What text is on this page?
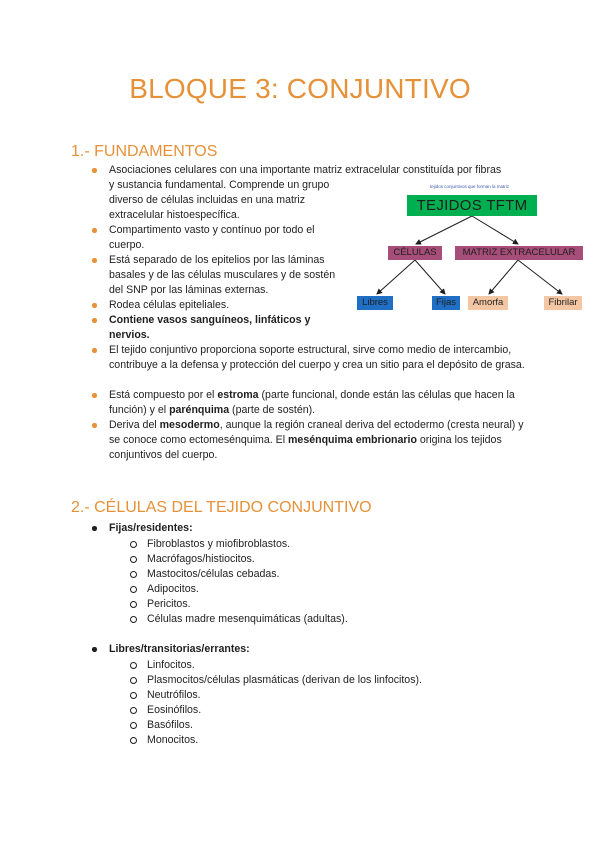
BLOQUE 3: CONJUNTIVO
1.- FUNDAMENTOS
Asociaciones celulares con una importante matriz extracelular constituída por fibras
y sustancia fundamental. Comprende un grupo diverso de células incluidas en una matriz extracelular histoespecífica.
Compartimento vasto y contínuo por todo el cuerpo.
Está separado de los epitelios por las láminas basales y de las células musculares y de sostén del SNP por las láminas externas.
Rodea células epiteliales.
Contiene vasos sanguíneos, linfáticos y nervios.
El tejido conjuntivo proporciona soporte estructural, sirve como medio de intercambio, contribuye a la defensa y protección del cuerpo y crea un sitio para el depósito de grasa.
Está compuesto por el estroma (parte funcional, donde están las células que hacen la función) y el parénquima (parte de sostén).
Deriva del mesodermo, aunque la región craneal deriva del ectodermo (cresta neural) y se conoce como ectomesénquima. El mesénquima embrionario origina los tejidos conjuntivos del cuerpo.
tejidos conjuntivos que forman la matriz
TEJIDOS TFTM
CÉLULAS	MATRIZ EXTRACELULAR
Libres	Fijas	Amorfa	Fibrilar
2.- CÉLULAS DEL TEJIDO CONJUNTIVO
Fijas/residentes:
Fibroblastos y miofibroblastos.
Macrófagos/histiocitos.
Mastocitos/células cebadas.
Adipocitos.
Pericitos.
Células madre mesenquimáticas (adultas).
Libres/transitorias/errantes:
Linfocitos.
Plasmocitos/células plasmáticas (derivan de los linfocitos).
Neutrófilos.
Eosinófilos.
Basófilos.
Monocitos.
